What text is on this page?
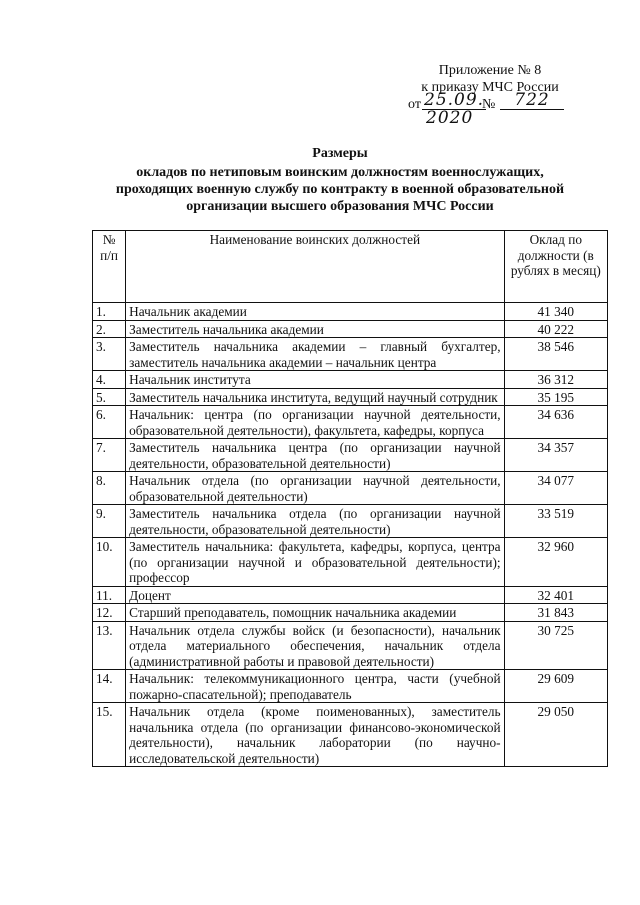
Приложение № 8
к приказу МЧС России
от 25.09.
№	722
2020
Размеры
окладов по нетиповым воинским должностям военнослужащих,
проходящих военную службу по контракту в военной образовательной
организации высшего образования МЧС России
№ п/п	Наименование воинских должностей	Оклад по должности (в рублях в месяц)
1.	Начальник академии	41 340
2.	Заместитель начальника академии	40 222
3.	Заместитель начальника академии – главный бухгалтер, заместитель начальника академии – начальник центра	38 546
4.	Начальник института	36 312
5.	Заместитель начальника института, ведущий научный сотрудник	35 195
6.	Начальник: центра (по организации научной деятельности, образовательной деятельности), факультета, кафедры, корпуса	34 636
7.	Заместитель начальника центра (по организации научной деятельности, образовательной деятельности)	34 357
8.	Начальник отдела (по организации научной деятельности, образовательной деятельности)	34 077
9.	Заместитель начальника отдела (по организации научной деятельности, образовательной деятельности)	33 519
10.	Заместитель начальника: факультета, кафедры, корпуса, центра (по организации научной и образовательной деятельности); профессор	32 960
11.	Доцент	32 401
12.	Старший преподаватель, помощник начальника академии	31 843
13.	Начальник отдела службы войск (и безопасности), начальник отдела материального обеспечения, начальник отдела (административной работы и правовой деятельности)	30 725
14.	Начальник: телекоммуникационного центра, части (учебной пожарно-спасательной); преподаватель	29 609
15.	Начальник отдела (кроме поименованных), заместитель начальника отдела (по организации финансово-экономической деятельности), начальник лаборатории (по научно-исследовательской деятельности)	29 050
